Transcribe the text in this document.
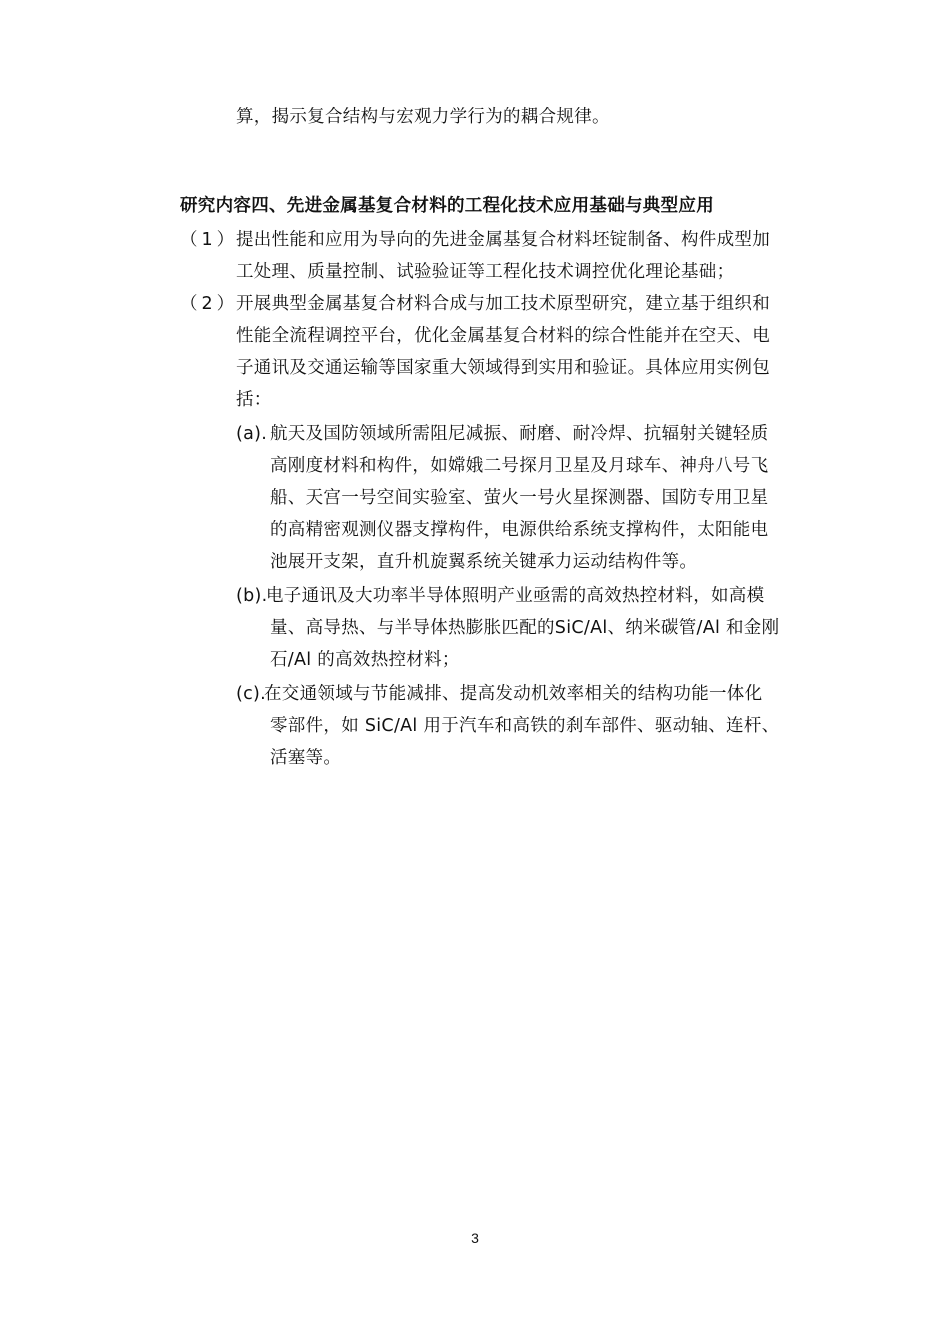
算，揭示复合结构与宏观力学行为的耦合规律。
研究内容四、先进金属基复合材料的工程化技术应用基础与典型应用
（1）
提出性能和应用为导向的先进金属基复合材料坯锭制备、构件成型加
工处理、质量控制、试验验证等工程化技术调控优化理论基础；
（2）
开展典型金属基复合材料合成与加工技术原型研究，建立基于组织和
性能全流程调控平台，优化金属基复合材料的综合性能并在空天、电
子通讯及交通运输等国家重大领域得到实用和验证。具体应用实例包
括：
(a). 航天及国防领域所需阻尼减振、耐磨、耐冷焊、抗辐射关键轻质
高刚度材料和构件，如嫦娥二号探月卫星及月球车、神舟八号飞
船、天宫一号空间实验室、萤火一号火星探测器、国防专用卫星
的高精密观测仪器支撑构件，电源供给系统支撑构件，太阳能电
池展开支架，直升机旋翼系统关键承力运动结构件等。
(b).
电子通讯及大功率半导体照明产业亟需的高效热控材料，如高模
量、高导热、与半导体热膨胀匹配的SiC/Al、纳米碳管/Al 和金刚
石/Al 的高效热控材料；
(c).
在交通领域与节能减排、提高发动机效率相关的结构功能一体化
零部件，如 SiC/Al 用于汽车和高铁的刹车部件、驱动轴、连杆、
活塞等。
3
